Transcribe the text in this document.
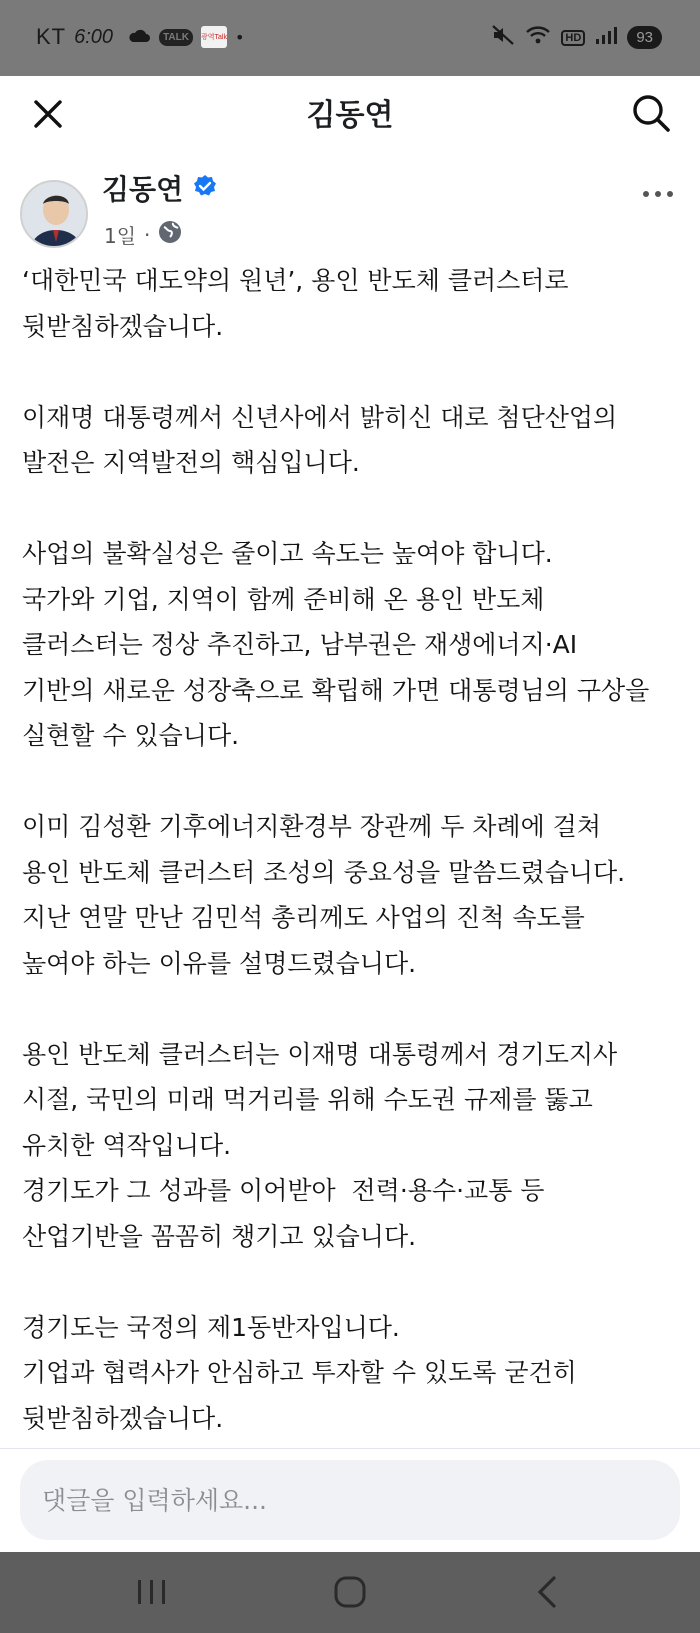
KT 6:00	TALK	광역Talk •	HD	93
김동연
김동연
1일 ·
‘대한민국 대도약의 원년’, 용인 반도체 클러스터로
뒷받침하겠습니다.
이재명 대통령께서 신년사에서 밝히신 대로 첨단산업의
발전은 지역발전의 핵심입니다.
사업의 불확실성은 줄이고 속도는 높여야 합니다.
국가와 기업, 지역이 함께 준비해 온 용인 반도체
클러스터는 정상 추진하고, 남부권은 재생에너지·AI
기반의 새로운 성장축으로 확립해 가면 대통령님의 구상을
실현할 수 있습니다.
이미 김성환 기후에너지환경부 장관께 두 차례에 걸쳐
용인 반도체 클러스터 조성의 중요성을 말씀드렸습니다.
지난 연말 만난 김민석 총리께도 사업의 진척 속도를
높여야 하는 이유를 설명드렸습니다.
용인 반도체 클러스터는 이재명 대통령께서 경기도지사
시절, 국민의 미래 먹거리를 위해 수도권 규제를 뚫고
유치한 역작입니다.
경기도가 그 성과를 이어받아  전력·용수·교통 등
산업기반을 꼼꼼히 챙기고 있습니다.
경기도는 국정의 제1동반자입니다.
기업과 협력사가 안심하고 투자할 수 있도록 굳건히
뒷받침하겠습니다.
댓글을 입력하세요...
